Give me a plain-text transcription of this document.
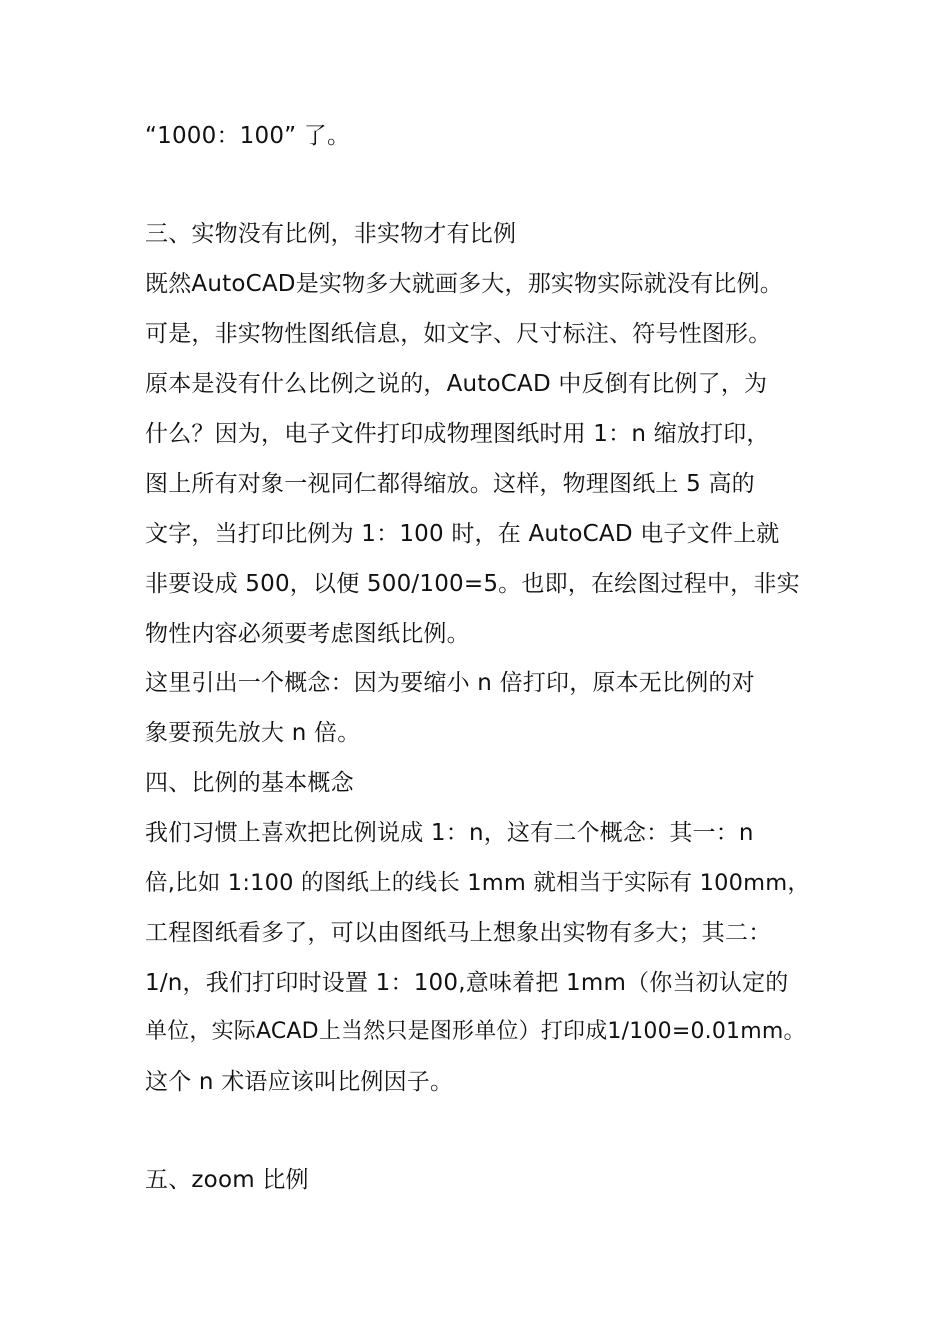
“1000：100” 了。
三、实物没有比例，非实物才有比例
既然AutoCAD是实物多大就画多大，那实物实际就没有比例。
可是，非实物性图纸信息，如文字、尺寸标注、符号性图形。
原本是没有什么比例之说的，AutoCAD 中反倒有比例了，为
什么？因为，电子文件打印成物理图纸时用 1：n 缩放打印，
图上所有对象一视同仁都得缩放。这样，物理图纸上 5 高的
文字，当打印比例为 1：100 时，在 AutoCAD 电子文件上就
非要设成 500，以便 500/100=5。也即，在绘图过程中，非实
物性内容必须要考虑图纸比例。
这里引出一个概念：因为要缩小 n 倍打印，原本无比例的对
象要预先放大 n 倍。
四、比例的基本概念
我们习惯上喜欢把比例说成 1：n，这有二个概念：其一：n
倍,比如 1:100 的图纸上的线长 1mm 就相当于实际有 100mm，
工程图纸看多了，可以由图纸马上想象出实物有多大；其二：
1/n，我们打印时设置 1：100,意味着把 1mm（你当初认定的
单位，实际ACAD上当然只是图形单位）打印成1/100=0.01mm。
这个 n 术语应该叫比例因子。
五、zoom 比例
